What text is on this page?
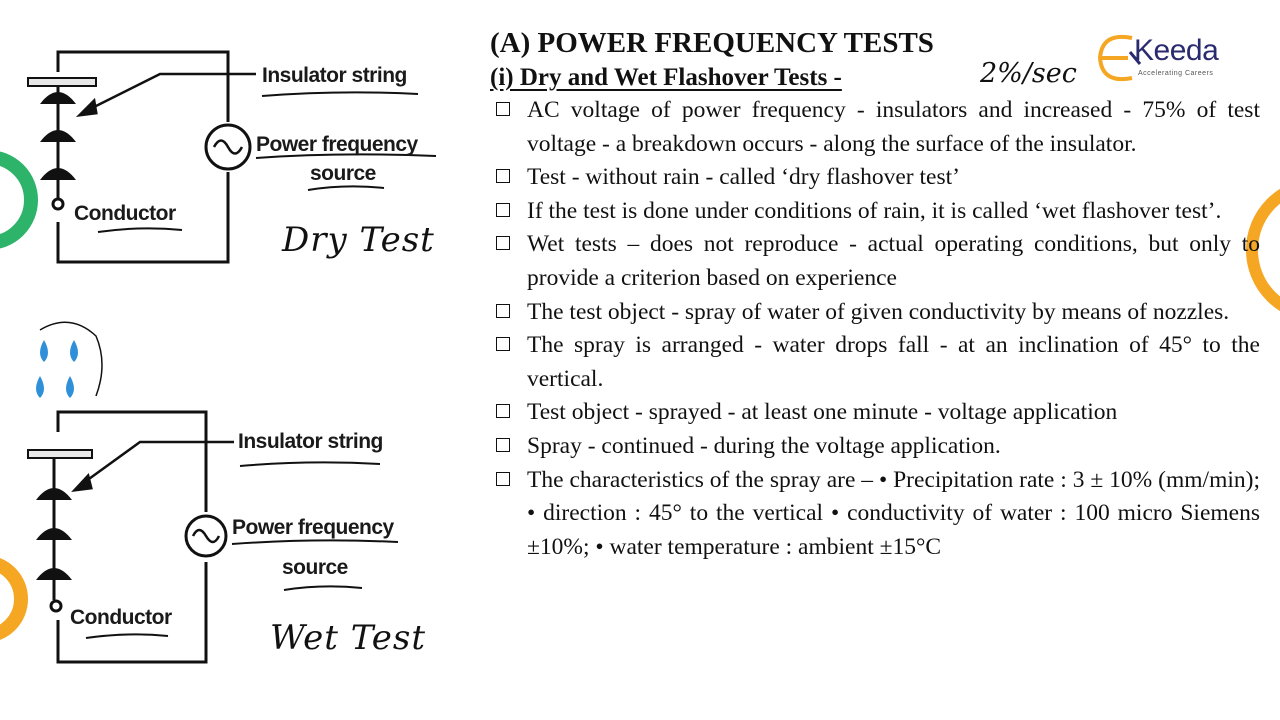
Insulator string
Power frequency
source
Conductor
Dry Test
Insulator string
Power frequency
source
Conductor
Wet Test
2%/sec
Keeda
Accelerating Careers
(A) POWER FREQUENCY TESTS
(i) Dry and Wet Flashover Tests -
AC voltage of power frequency - insulators and increased - 75% of test voltage - a breakdown occurs - along the surface of the insulator.
Test - without rain - called ‘dry flashover test’
If the test is done under conditions of rain, it is called ‘wet flashover test’.
Wet tests – does not reproduce - actual operating conditions, but only to provide a criterion based on experience
The test object - spray of water of given conductivity by means of nozzles.
The spray is arranged - water drops fall - at an inclination of 45° to the vertical.
Test object - sprayed - at least one minute - voltage application
Spray - continued - during the voltage application.
The characteristics of the spray are – • Precipitation rate : 3 ± 10% (mm/min); • direction : 45° to the vertical • conductivity of water : 100 micro Siemens ±10%; • water temperature : ambient ±15°C
